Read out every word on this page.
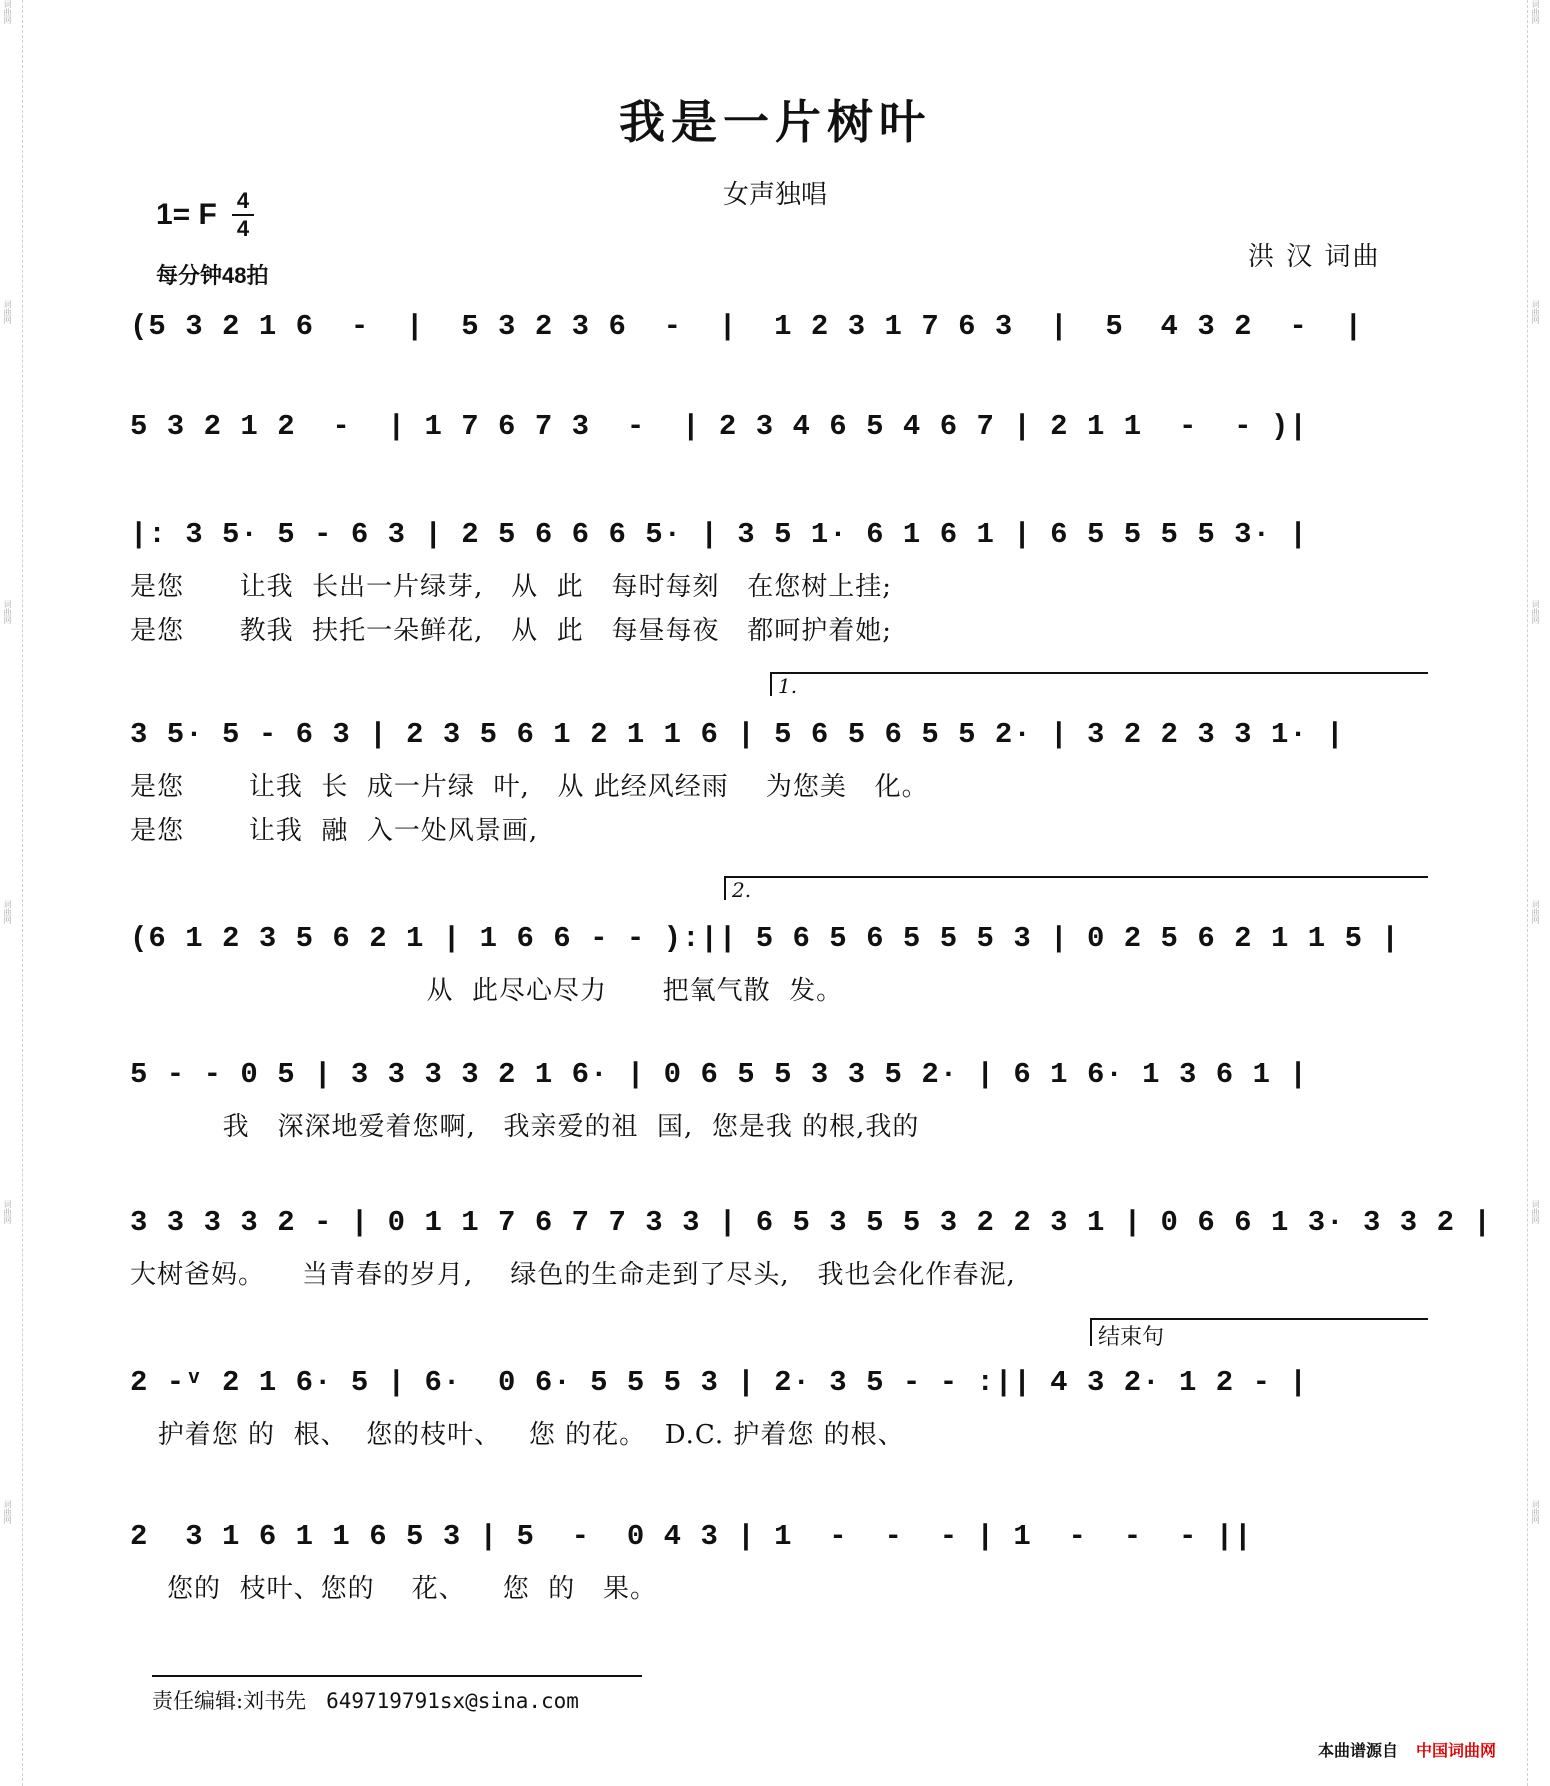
词曲网
词曲网
词曲网
词曲网
词曲网
词曲网
词曲网
词曲网
词曲网
词曲网
词曲网
词曲网
我是一片树叶
女声独唱
1= F 4
4
每分钟48拍
洪 汉 词曲
(5 3 2 1 6  -  |  5 3 2 3 6  -  |  1 2 3 1 7 6 3  |  5  4 3 2  -  |
5 3 2 1 2  -  | 1 7 6 7 3  -  | 2 3 4 6 5 4 6 7 | 2 1 1  -  - )|
|: 3 5· 5 - 6 3 | 2 5 6 6 6 5· | 3 5 1· 6 1 6 1 | 6 5 5 5 5 3· |
是您      让我  长出一片绿芽,   从  此   每时每刻   在您树上挂;
是您      教我  扶托一朵鲜花,   从  此   每昼每夜   都呵护着她;
1.
3 5· 5 - 6 3 | 2 3 5 6 1 2 1 1 6 | 5 6 5 6 5 5 2· | 3 2 2 3 3 1· |
是您       让我  长  成一片绿  叶,   从 此经风经雨    为您美   化。
是您       让我  融  入一处风景画,
2.
(6 1 2 3 5 6 2 1 | 1 6 6 - - ):|| 5 6 5 6 5 5 5 3 | 0 2 5 6 2 1 1 5 |
从  此尽心尽力      把氧气散  发。
5 - - 0 5 | 3 3 3 3 2 1 6· | 0 6 5 5 3 3 5 2· | 6 1 6· 1 3 6 1 |
我   深深地爱着您啊,   我亲爱的祖  国,  您是我 的根,我的
3 3 3 3 2 - | 0 1 1 7 6 7 7 3 3 | 6 5 3 5 5 3 2 2 3 1 | 0 6 6 1 3· 3 3 2 |
大树爸妈。    当青春的岁月,    绿色的生命走到了尽头,   我也会化作春泥,
结束句
2 -ᵛ 2 1 6· 5 | 6·  0 6· 5 5 5 3 | 2· 3 5 - - :|| 4 3 2· 1 2 - |
护着您 的  根、  您的枝叶、   您 的花。  D.C. 护着您 的根、
2  3 1 6 1 1 6 5 3 | 5  -  0 4 3 | 1  -  -  - | 1  -  -  - ||
您的  枝叶、您的    花、    您  的   果。
责任编辑:刘书先 649719791sx@sina.com
本曲谱源自 中国词曲网
